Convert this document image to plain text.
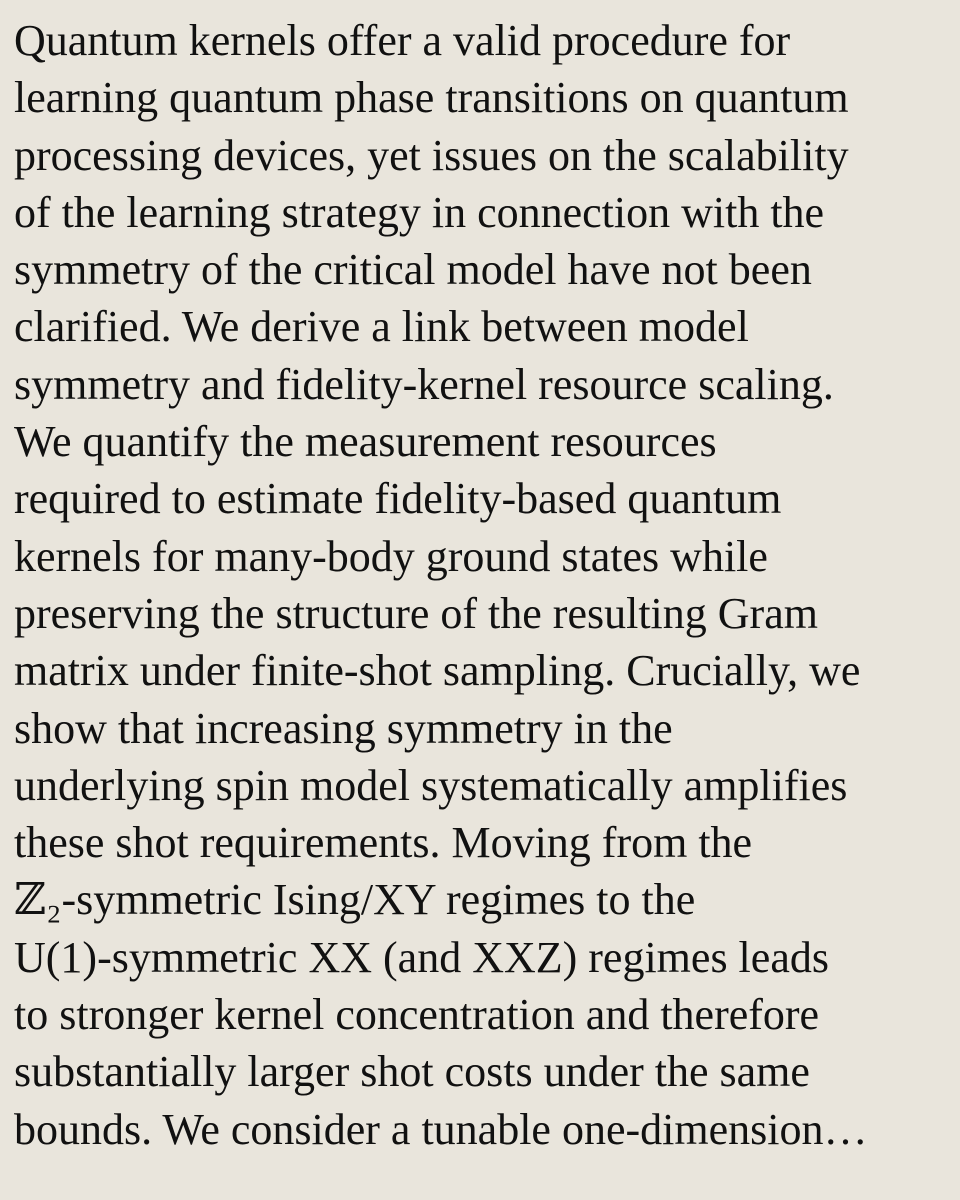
Quantum kernels offer a valid procedure for
learning quantum phase transitions on quantum
processing devices, yet issues on the scalability
of the learning strategy in connection with the
symmetry of the critical model have not been
clarified. We derive a link between model
symmetry and fidelity-kernel resource scaling.
We quantify the measurement resources
required to estimate fidelity-based quantum
kernels for many-body ground states while
preserving the structure of the resulting Gram
matrix under finite-shot sampling. Crucially, we
show that increasing symmetry in the
underlying spin model systematically amplifies
these shot requirements. Moving from the
ℤ₂-symmetric Ising/XY regimes to the
U(1)-symmetric XX (and XXZ) regimes leads
to stronger kernel concentration and therefore
substantially larger shot costs under the same
bounds. We consider a tunable one-dimension…
